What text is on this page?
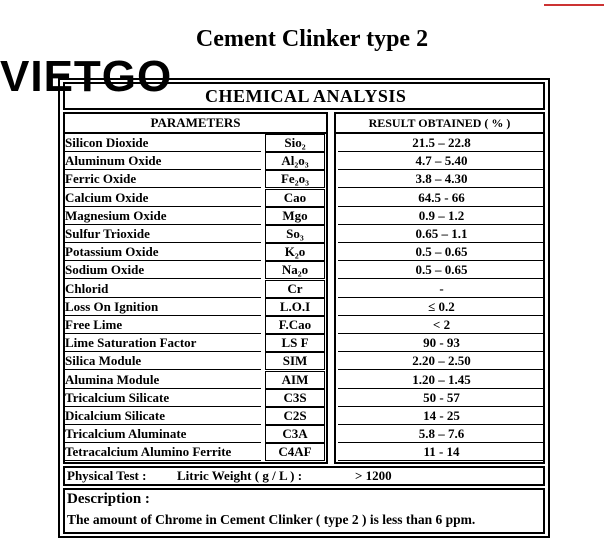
Cement Clinker type 2
VIETGO CHEMICAL ANALYSIS
PARAMETERS	RESULT OBTAINED ( % )
Silicon Dioxide	Sio₂	21.5 – 22.8
Aluminum Oxide	Al₂o₃	4.7 – 5.40
Ferric Oxide	Fe₂o₃	3.8 – 4.30
Calcium Oxide	Cao	64.5 - 66
Magnesium Oxide	Mgo	0.9 – 1.2
Sulfur Trioxide	So₃	0.65 – 1.1
Potassium Oxide	K₂o	0.5 – 0.65
Sodium Oxide	Na₂o	0.5 – 0.65
Chlorid	Cr	-
Loss On Ignition	L.O.I	≤ 0.2
Free Lime	F.Cao	< 2
Lime Saturation Factor	LS F	90 - 93
Silica Module	SIM	2.20 – 2.50
Alumina Module	AIM	1.20 – 1.45
Tricalcium Silicate	C3S	50 - 57
Dicalcium Silicate	C2S	14 - 25
Tricalcium Aluminate	C3A	5.8 – 7.6
Tetracalcium Alumino Ferrite	C4AF	11 - 14
Physical Test : Litric Weight ( g / L ) :	> 1200
Description :
The amount of Chrome in Cement Clinker ( type 2 ) is less than 6 ppm.
